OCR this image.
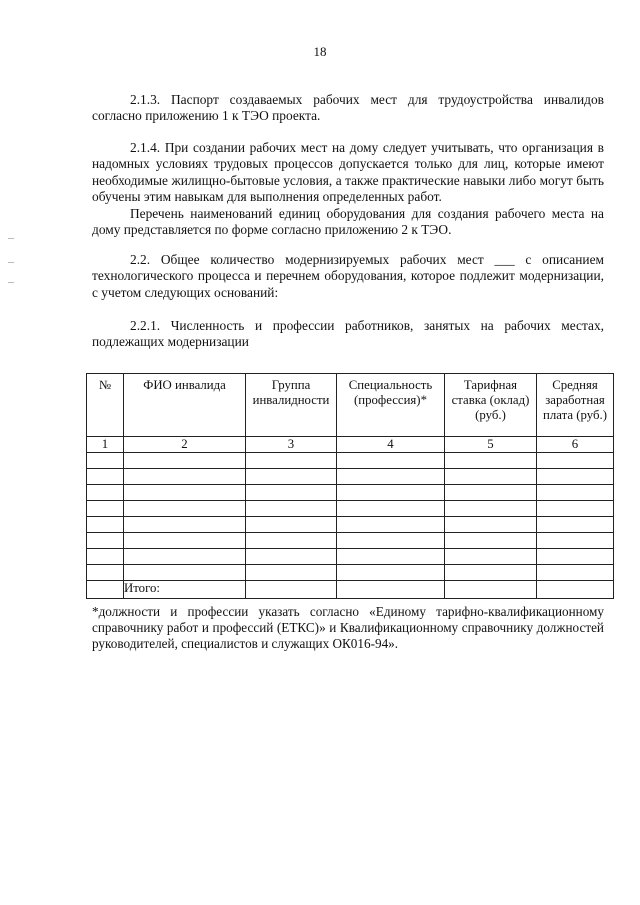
18
2.1.3. Паспорт создаваемых рабочих мест для трудоустройства инвалидов согласно приложению 1 к ТЭО проекта.
2.1.4. При создании рабочих мест на дому следует учитывать, что организация в надомных условиях трудовых процессов допускается только для лиц, которые имеют необходимые жилищно-бытовые условия, а также практические навыки либо могут быть обучены этим навыкам для выполнения определенных работ.
Перечень наименований единиц оборудования для создания рабочего места на дому представляется по форме согласно приложению 2 к ТЭО.
2.2. Общее количество модернизируемых рабочих мест ___ с описанием технологического процесса и перечнем оборудования, которое подлежит модернизации, с учетом следующих оснований:
2.2.1. Численность и профессии работников, занятых на рабочих местах, подлежащих модернизации
№	ФИО инвалида	Группа инвалидности	Специальность (профессия)*	Тарифная ставка (оклад) (руб.)	Средняя заработная плата (руб.)
1	2	3	4	5	6

	Итого:				
*должности и профессии указать согласно «Единому тарифно-квалификационному справочнику работ и профессий (ЕТКС)» и Квалификационному справочнику должностей руководителей, специалистов и служащих ОК016-94».
